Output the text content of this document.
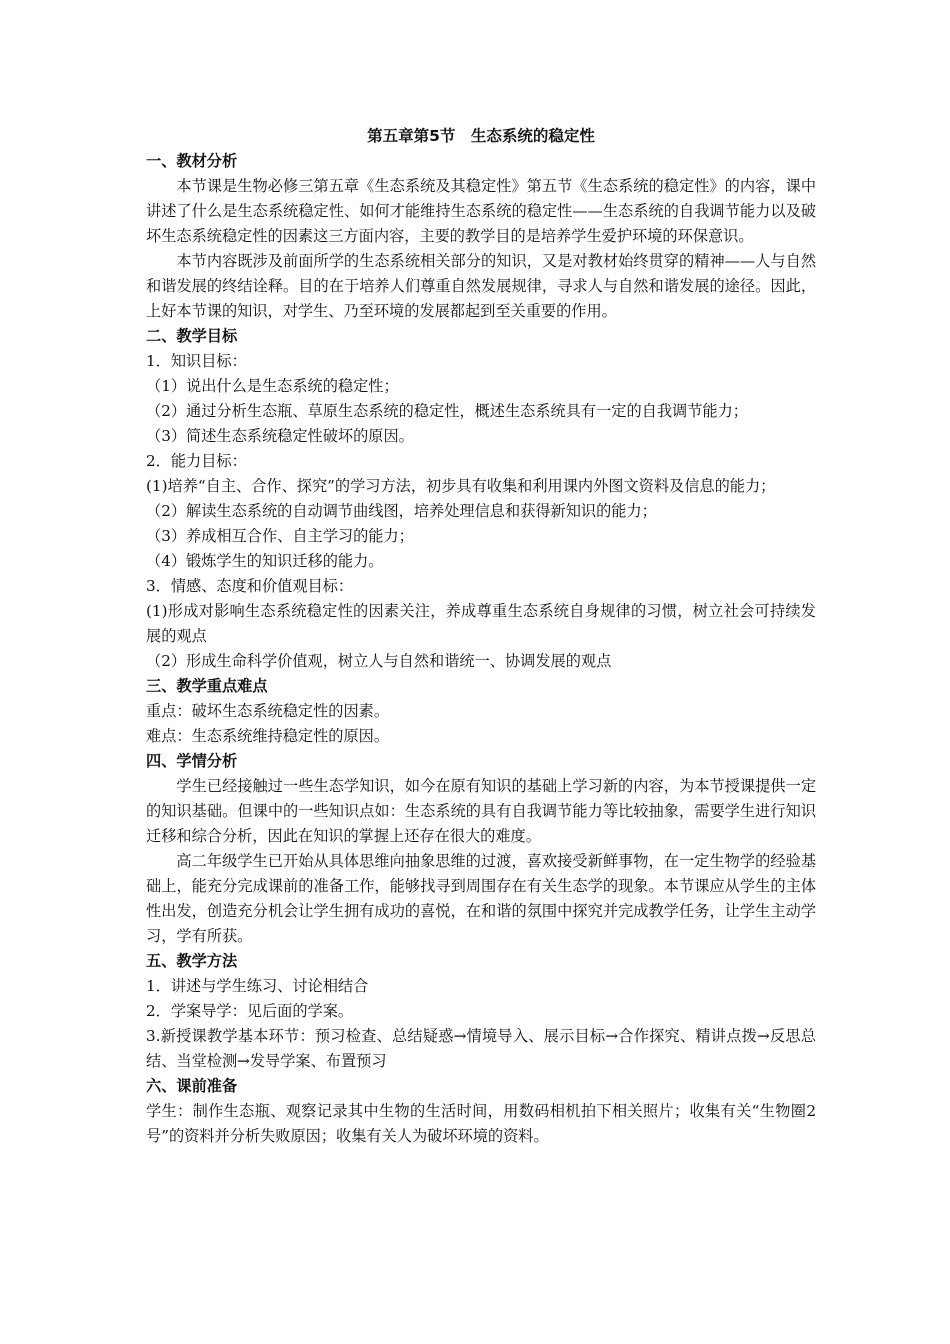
第五章第5节　生态系统的稳定性
一、教材分析

本节课是生物必修三第五章《生态系统及其稳定性》第五节《生态系统的稳定性》的内容，课中讲述了什么是生态系统稳定性、如何才能维持生态系统的稳定性——生态系统的自我调节能力以及破坏生态系统稳定性的因素这三方面内容，主要的教学目的是培养学生爱护环境的环保意识。

本节内容既涉及前面所学的生态系统相关部分的知识，又是对教材始终贯穿的精神——人与自然和谐发展的终结诠释。目的在于培养人们尊重自然发展规律，寻求人与自然和谐发展的途径。因此，上好本节课的知识，对学生、乃至环境的发展都起到至关重要的作用。

二、教学目标

1．知识目标：

（1）说出什么是生态系统的稳定性；

（2）通过分析生态瓶、草原生态系统的稳定性，概述生态系统具有一定的自我调节能力；

（3）简述生态系统稳定性破坏的原因。

2．能力目标：

(1)培养“自主、合作、探究”的学习方法，初步具有收集和利用课内外图文资料及信息的能力；

（2）解读生态系统的自动调节曲线图，培养处理信息和获得新知识的能力；

（3）养成相互合作、自主学习的能力；

（4）锻炼学生的知识迁移的能力。

3．情感、态度和价值观目标：

(1)形成对影响生态系统稳定性的因素关注，养成尊重生态系统自身规律的习惯，树立社会可持续发展的观点

（2）形成生命科学价值观，树立人与自然和谐统一、协调发展的观点

三、教学重点难点

重点：破坏生态系统稳定性的因素。

难点：生态系统维持稳定性的原因。

四、学情分析

学生已经接触过一些生态学知识，如今在原有知识的基础上学习新的内容，为本节授课提供一定的知识基础。但课中的一些知识点如：生态系统的具有自我调节能力等比较抽象，需要学生进行知识迁移和综合分析，因此在知识的掌握上还存在很大的难度。

高二年级学生已开始从具体思维向抽象思维的过渡，喜欢接受新鲜事物，在一定生物学的经验基础上，能充分完成课前的准备工作，能够找寻到周围存在有关生态学的现象。本节课应从学生的主体性出发，创造充分机会让学生拥有成功的喜悦，在和谐的氛围中探究并完成教学任务，让学生主动学习，学有所获。

五、教学方法

1．讲述与学生练习、讨论相结合

2．学案导学：见后面的学案。

3.新授课教学基本环节：预习检查、总结疑惑→情境导入、展示目标→合作探究、精讲点拨→反思总结、当堂检测→发导学案、布置预习

六、课前准备

学生：制作生态瓶、观察记录其中生物的生活时间，用数码相机拍下相关照片；收集有关“生物圈2号”的资料并分析失败原因；收集有关人为破坏环境的资料。
